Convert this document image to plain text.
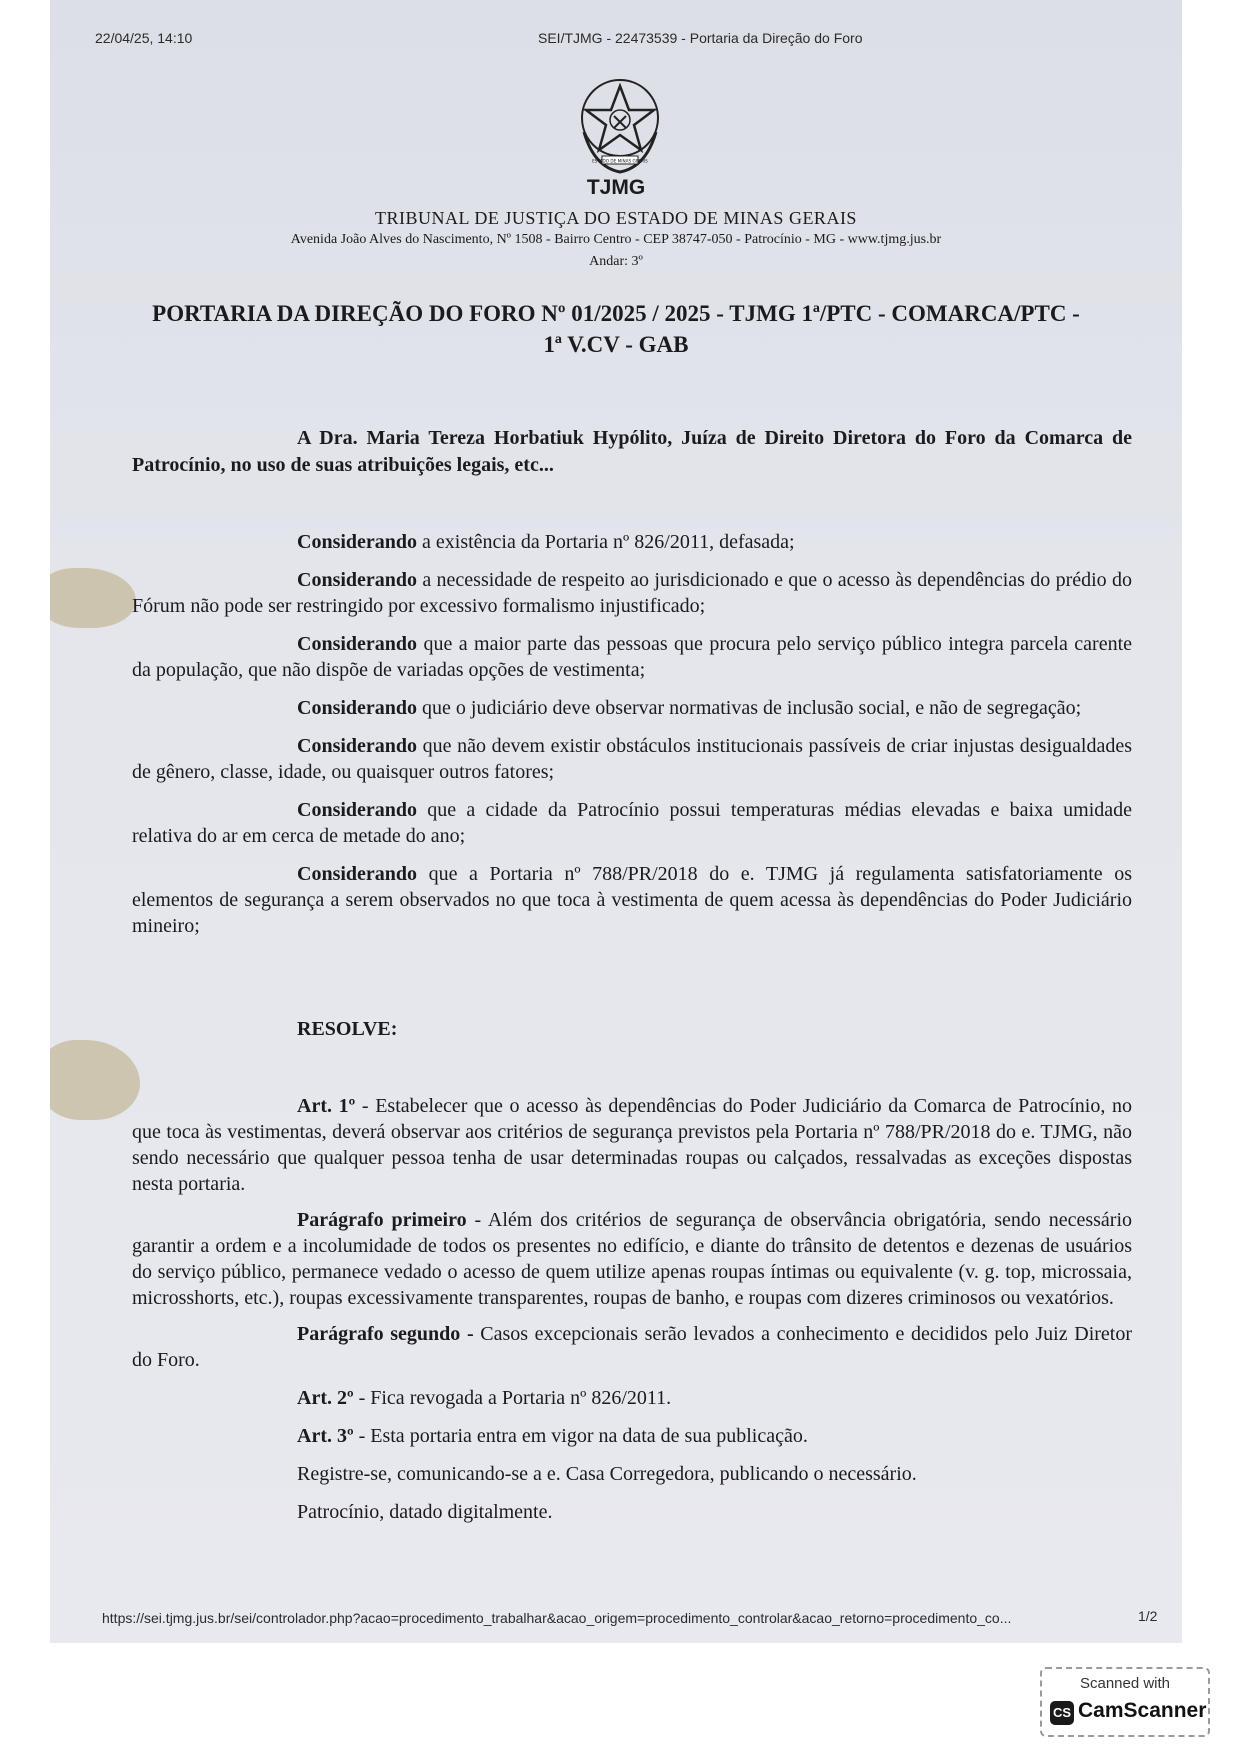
22/04/25, 14:10	SEI/TJMG - 22473539 - Portaria da Direção do Foro
ESTADO DE MINAS GERAIS
TJMG
TRIBUNAL DE JUSTIÇA DO ESTADO DE MINAS GERAIS
Avenida João Alves do Nascimento, Nº 1508 - Bairro Centro - CEP 38747-050 - Patrocínio - MG - www.tjmg.jus.br
Andar: 3º
PORTARIA DA DIREÇÃO DO FORO Nº 01/2025 / 2025 - TJMG 1ª/PTC - COMARCA/PTC -
1ª V.CV - GAB
A Dra. Maria Tereza Horbatiuk Hypólito, Juíza de Direito Diretora do Foro da Comarca de Patrocínio, no uso de suas atribuições legais, etc...

Considerando a existência da Portaria nº 826/2011, defasada;

Considerando a necessidade de respeito ao jurisdicionado e que o acesso às dependências do prédio do Fórum não pode ser restringido por excessivo formalismo injustificado;

Considerando que a maior parte das pessoas que procura pelo serviço público integra parcela carente da população, que não dispõe de variadas opções de vestimenta;

Considerando que o judiciário deve observar normativas de inclusão social, e não de segregação;

Considerando que não devem existir obstáculos institucionais passíveis de criar injustas desigualdades de gênero, classe, idade, ou quaisquer outros fatores;

Considerando que a cidade da Patrocínio possui temperaturas médias elevadas e baixa umidade relativa do ar em cerca de metade do ano;

Considerando que a Portaria nº 788/PR/2018 do e. TJMG já regulamenta satisfatoriamente os elementos de segurança a serem observados no que toca à vestimenta de quem acessa às dependências do Poder Judiciário mineiro;

RESOLVE:

Art. 1º - Estabelecer que o acesso às dependências do Poder Judiciário da Comarca de Patrocínio, no que toca às vestimentas, deverá observar aos critérios de segurança previstos pela Portaria nº 788/PR/2018 do e. TJMG, não sendo necessário que qualquer pessoa tenha de usar determinadas roupas ou calçados, ressalvadas as exceções dispostas nesta portaria.

Parágrafo primeiro - Além dos critérios de segurança de observância obrigatória, sendo necessário garantir a ordem e a incolumidade de todos os presentes no edifício, e diante do trânsito de detentos e dezenas de usuários do serviço público, permanece vedado o acesso de quem utilize apenas roupas íntimas ou equivalente (v. g. top, microssaia, microsshorts, etc.), roupas excessivamente transparentes, roupas de banho, e roupas com dizeres criminosos ou vexatórios.

Parágrafo segundo - Casos excepcionais serão levados a conhecimento e decididos pelo Juiz Diretor do Foro.

Art. 2º - Fica revogada a Portaria nº 826/2011.

Art. 3º - Esta portaria entra em vigor na data de sua publicação.

Registre-se, comunicando-se a e. Casa Corregedora, publicando o necessário.

Patrocínio, datado digitalmente.

https://sei.tjmg.jus.br/sei/controlador.php?acao=procedimento_trabalhar&acao_origem=procedimento_controlar&acao_retorno=procedimento_co...	1/2
Scanned with
CS CamScanner
